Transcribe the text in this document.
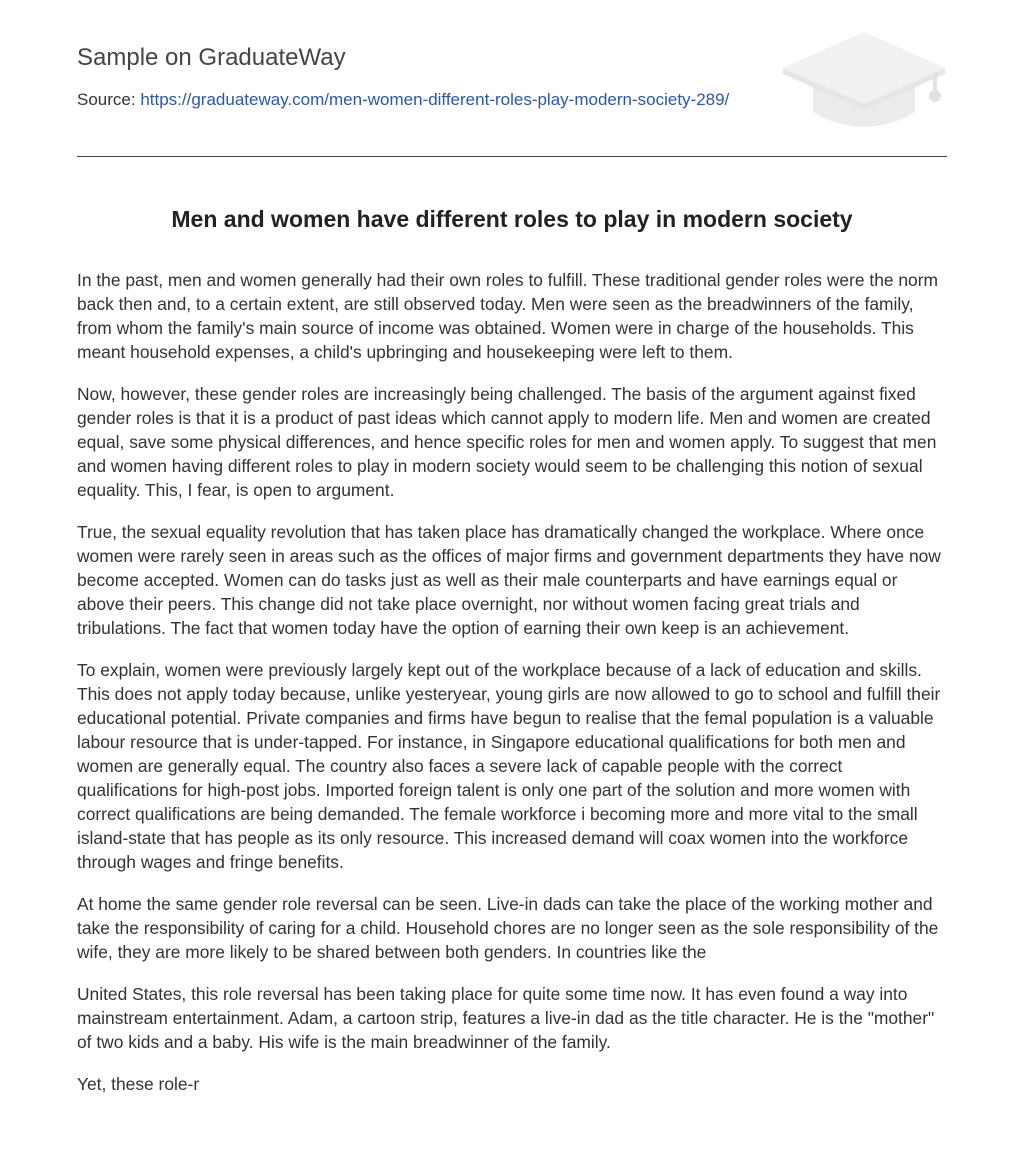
Sample on GraduateWay
Source: https://graduateway.com/men-women-different-roles-play-modern-society-289/
Men and women have different roles to play in modern society

In the past, men and women generally had their own roles to fulfill. These traditional gender roles were the norm back then and, to a certain extent, are still observed today. Men were seen as the breadwinners of the family, from whom the family's main source of income was obtained. Women were in charge of the households. This meant household expenses, a child's upbringing and housekeeping were left to them.

Now, however, these gender roles are increasingly being challenged. The basis of the argument against fixed gender roles is that it is a product of past ideas which cannot apply to modern life. Men and women are created equal, save some physical differences, and hence specific roles for men and women apply. To suggest that men and women having different roles to play in modern society would seem to be challenging this notion of sexual equality. This, I fear, is open to argument.

True, the sexual equality revolution that has taken place has dramatically changed the workplace. Where once women were rarely seen in areas such as the offices of major firms and government departments they have now become accepted. Women can do tasks just as well as their male counterparts and have earnings equal or above their peers. This change did not take place overnight, nor without women facing great trials and tribulations. The fact that women today have the option of earning their own keep is an achievement.

To explain, women were previously largely kept out of the workplace because of a lack of education and skills. This does not apply today because, unlike yesteryear, young girls are now allowed to go to school and fulfill their educational potential. Private companies and firms have begun to realise that the femal population is a valuable labour resource that is under-tapped. For instance, in Singapore educational qualifications for both men and women are generally equal. The country also faces a severe lack of capable people with the correct qualifications for high-post jobs. Imported foreign talent is only one part of the solution and more women with correct qualifications are being demanded. The female workforce i becoming more and more vital to the small island-state that has people as its only resource. This increased demand will coax women into the workforce through wages and fringe benefits.

At home the same gender role reversal can be seen. Live-in dads can take the place of the working mother and take the responsibility of caring for a child. Household chores are no longer seen as the sole responsibility of the wife, they are more likely to be shared between both genders. In countries like the

United States, this role reversal has been taking place for quite some time now. It has even found a way into mainstream entertainment. Adam, a cartoon strip, features a live-in dad as the title character. He is the "mother" of two kids and a baby. His wife is the main breadwinner of the family.

Yet, these role-r
